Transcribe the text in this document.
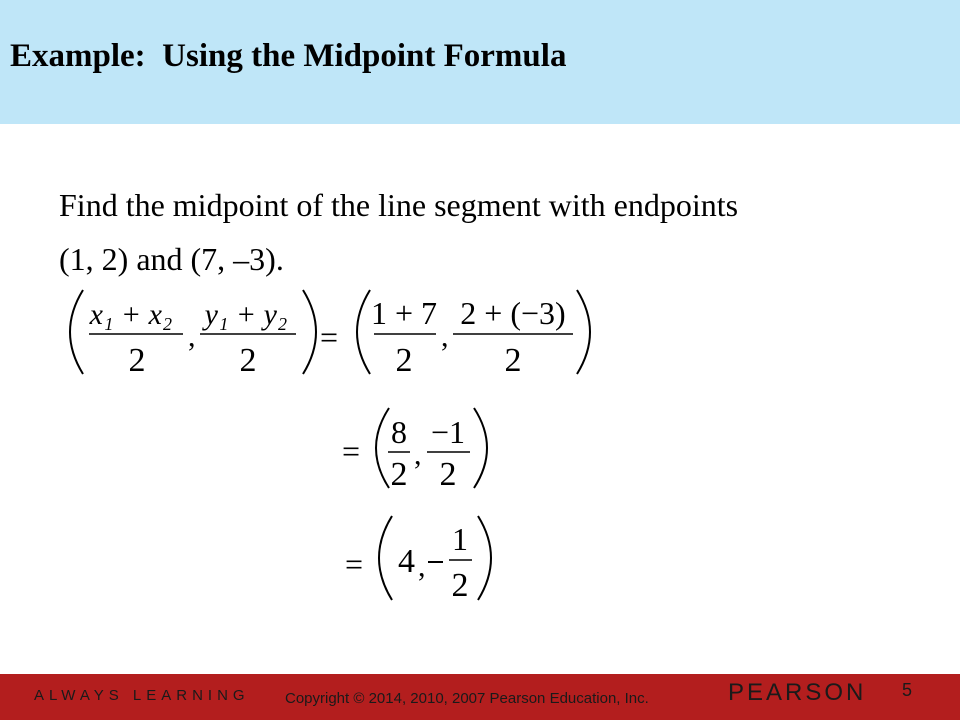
Example:  Using the Midpoint Formula
Find the midpoint of the line segment with endpoints
(1, 2) and (7, –3).
x₁ + x₂
2
,
y₁ + y₂
2
=
1 + 7
2
,
2 + (−3)
2
=
8
2
,
−1
2
= 4 ,
1
2
ALWAYS LEARNING Copyright © 2014, 2010, 2007 Pearson Education, Inc.	PEARSON 5
